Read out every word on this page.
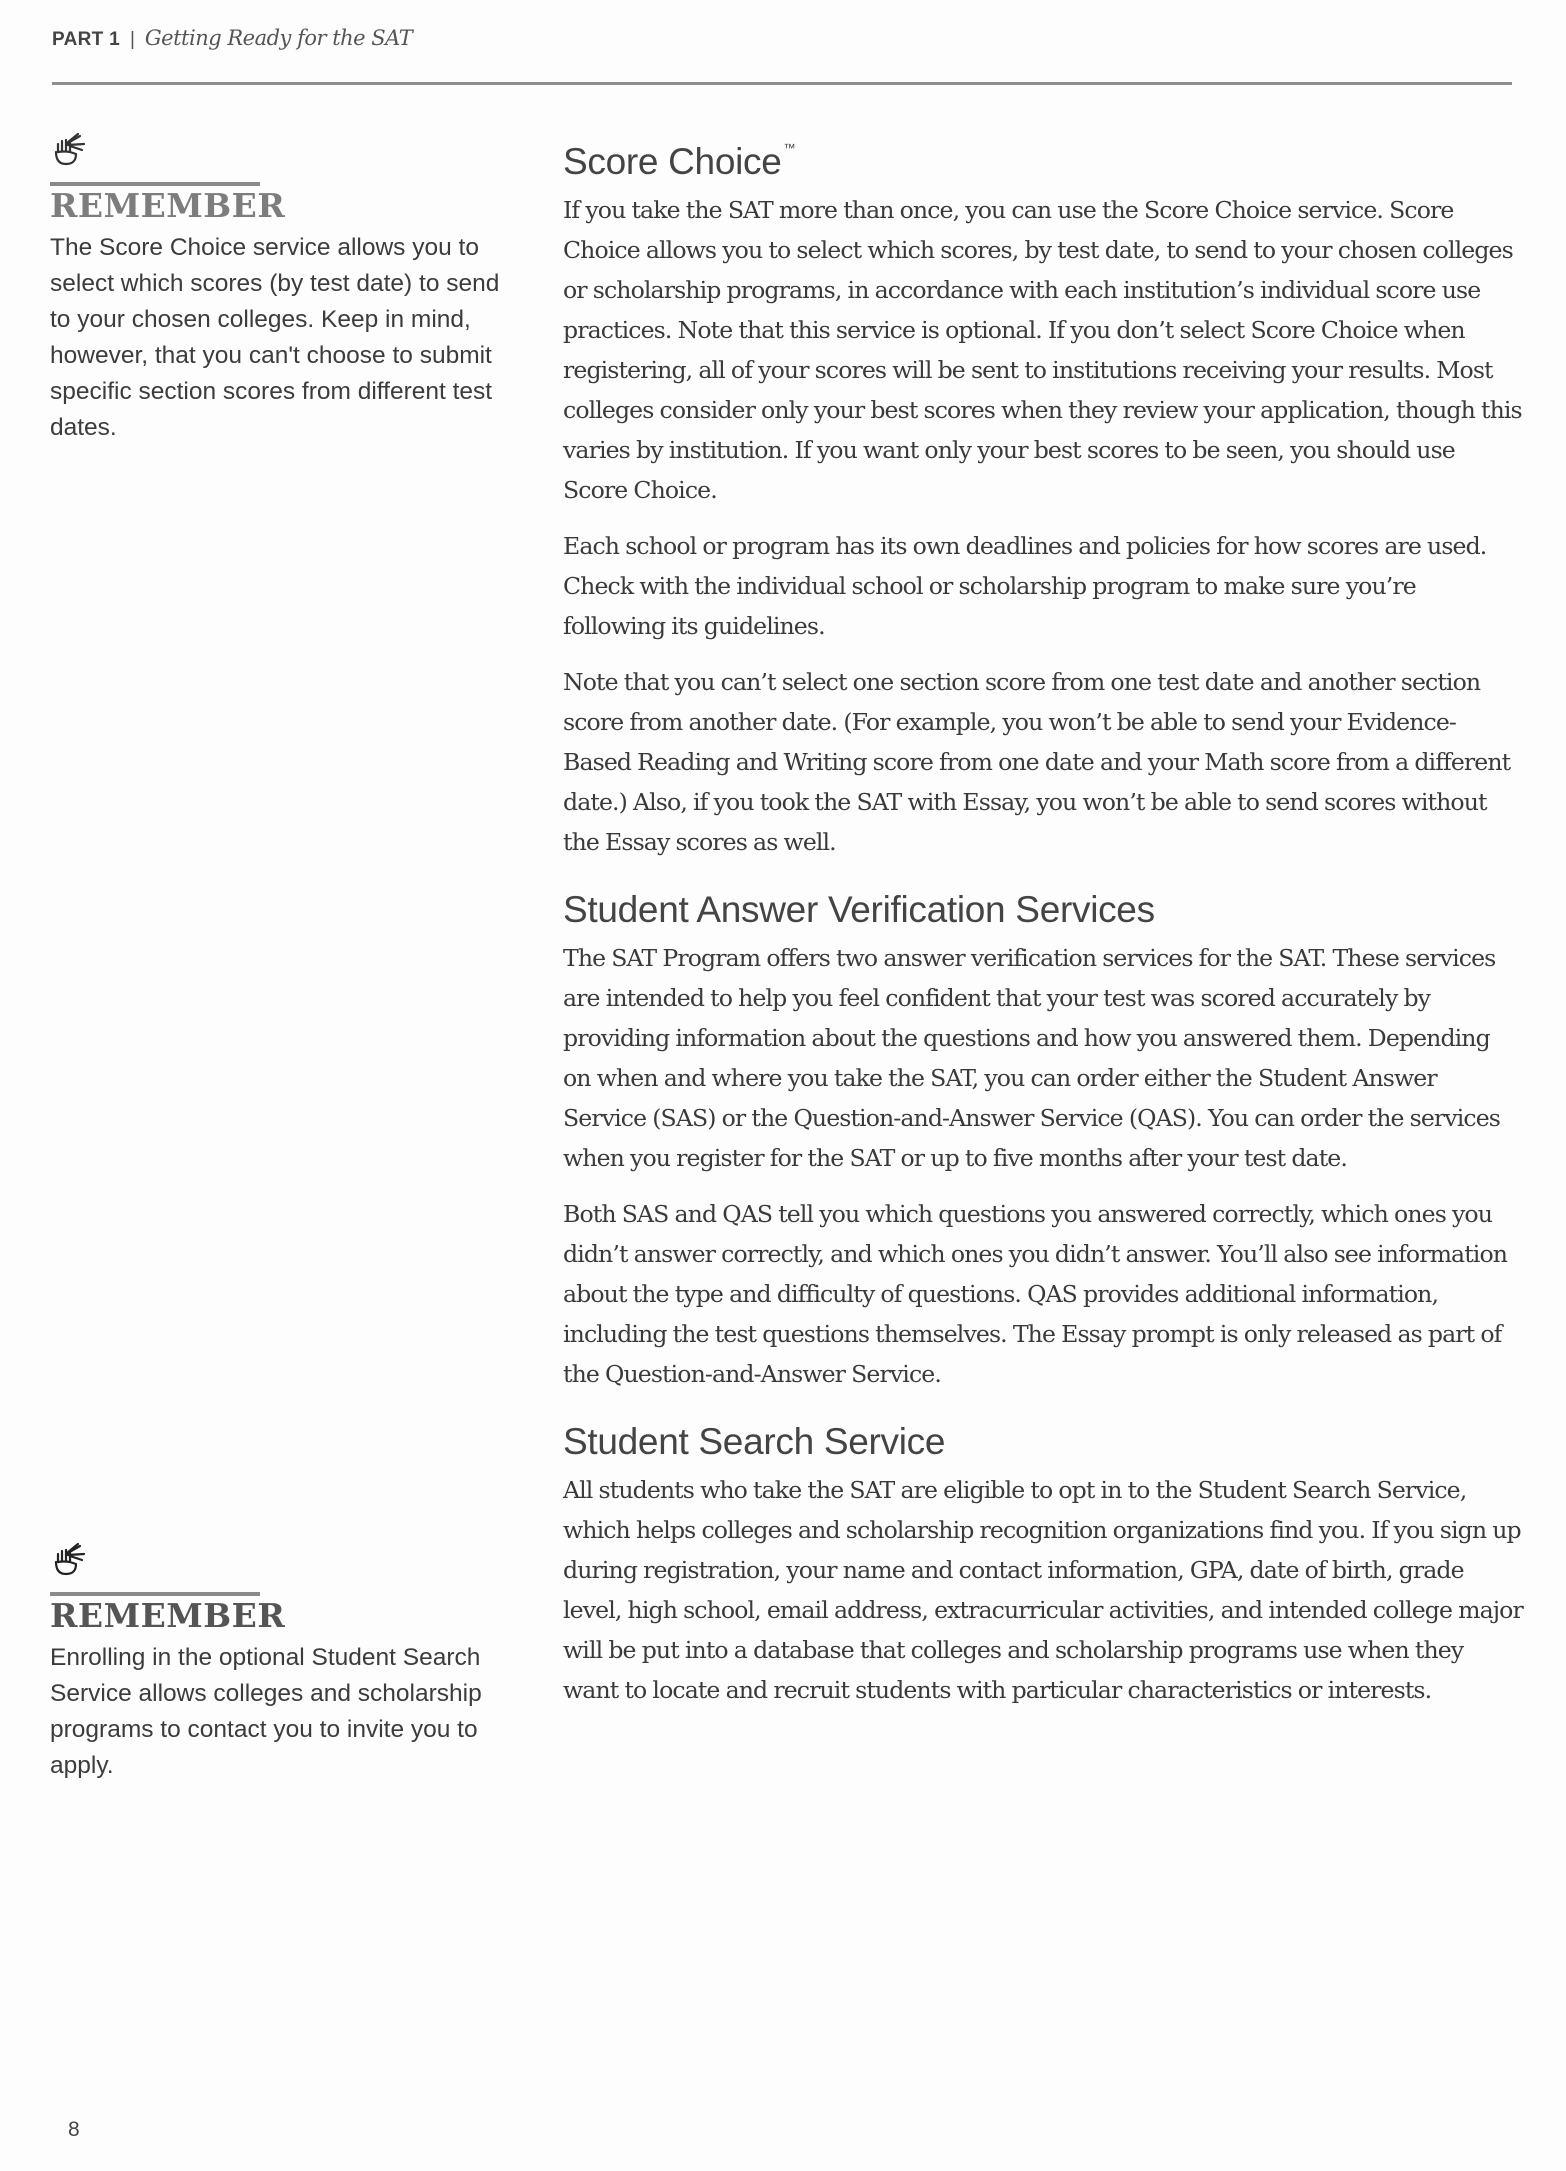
PART 1 | Getting Ready for the SAT
REMEMBER
The Score Choice service allows you to select which scores (by test date) to send to your chosen colleges. Keep in mind, however, that you can't choose to submit specific section scores from different test dates.
REMEMBER
Enrolling in the optional Student Search Service allows colleges and scholarship programs to contact you to invite you to apply.
Score Choice ™

If you take the SAT more than once, you can use the Score Choice service. Score Choice allows you to select which scores, by test date, to send to your chosen colleges or scholarship programs, in accordance with each institution’s individual score use practices. Note that this service is optional. If you don’t select Score Choice when registering, all of your scores will be sent to institutions receiving your results. Most colleges consider only your best scores when they review your application, though this varies by institution. If you want only your best scores to be seen, you should use Score Choice.

Each school or program has its own deadlines and policies for how scores are used. Check with the individual school or scholarship program to make sure you’re following its guidelines.

Note that you can’t select one section score from one test date and another section score from another date. (For example, you won’t be able to send your Evidence-Based Reading and Writing score from one date and your Math score from a different date.) Also, if you took the SAT with Essay, you won’t be able to send scores without the Essay scores as well.

Student Answer Verification Services

The SAT Program offers two answer verification services for the SAT. These services are intended to help you feel confident that your test was scored accurately by providing information about the questions and how you answered them. Depending on when and where you take the SAT, you can order either the Student Answer Service (SAS) or the Question-and-Answer Service (QAS). You can order the services when you register for the SAT or up to five months after your test date.

Both SAS and QAS tell you which questions you answered correctly, which ones you didn’t answer correctly, and which ones you didn’t answer. You’ll also see information about the type and difficulty of questions. QAS provides additional information, including the test questions themselves. The Essay prompt is only released as part of the Question-and-Answer Service.

Student Search Service

All students who take the SAT are eligible to opt in to the Student Search Service, which helps colleges and scholarship recognition organizations find you. If you sign up during registration, your name and contact information, GPA, date of birth, grade level, high school, email address, extracurricular activities, and intended college major will be put into a database that colleges and scholarship programs use when they want to locate and recruit students with particular characteristics or interests.

8
